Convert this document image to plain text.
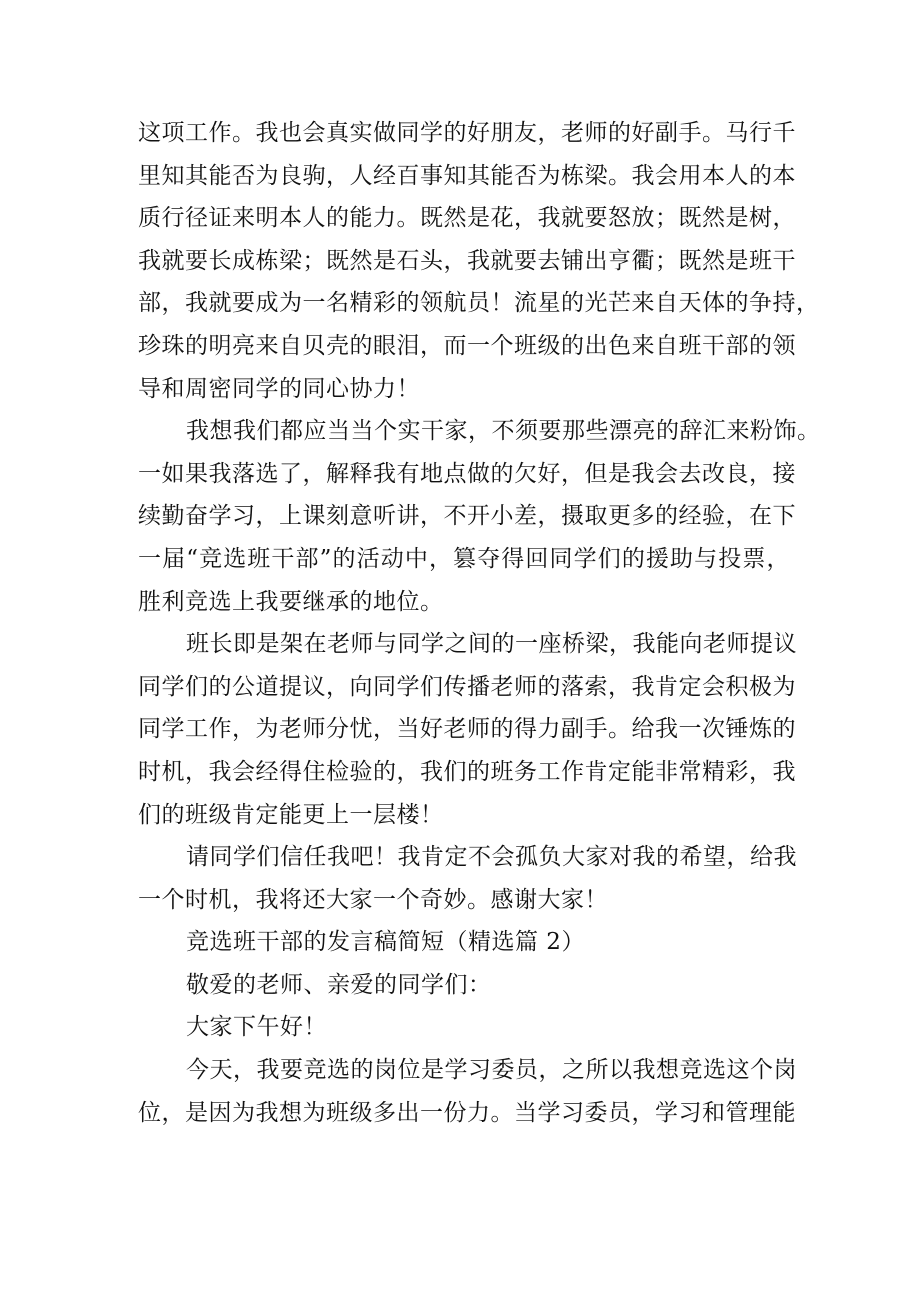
这项工作。我也会真实做同学的好朋友，老师的好副手。马行千
里知其能否为良驹，人经百事知其能否为栋梁。我会用本人的本
质行径证来明本人的能力。既然是花，我就要怒放；既然是树，
我就要长成栋梁；既然是石头，我就要去铺出亨衢；既然是班干
部，我就要成为一名精彩的领航员！流星的光芒来自天体的争持，
珍珠的明亮来自贝壳的眼泪，而一个班级的出色来自班干部的领
导和周密同学的同心协力！
我想我们都应当当个实干家，不须要那些漂亮的辞汇来粉饰。
一如果我落选了，解释我有地点做的欠好，但是我会去改良，接
续勤奋学习，上课刻意听讲，不开小差，摄取更多的经验，在下
一届“竞选班干部”的活动中，篡夺得回同学们的援助与投票，
胜利竞选上我要继承的地位。
班长即是架在老师与同学之间的一座桥梁，我能向老师提议
同学们的公道提议，向同学们传播老师的落索，我肯定会积极为
同学工作，为老师分忧，当好老师的得力副手。给我一次锤炼的
时机，我会经得住检验的，我们的班务工作肯定能非常精彩，我
们的班级肯定能更上一层楼！
请同学们信任我吧！我肯定不会孤负大家对我的希望，给我
一个时机，我将还大家一个奇妙。感谢大家！
竞选班干部的发言稿简短（精选篇 2）
敬爱的老师、亲爱的同学们：
大家下午好！
今天，我要竞选的岗位是学习委员，之所以我想竞选这个岗
位，是因为我想为班级多出一份力。当学习委员，学习和管理能
